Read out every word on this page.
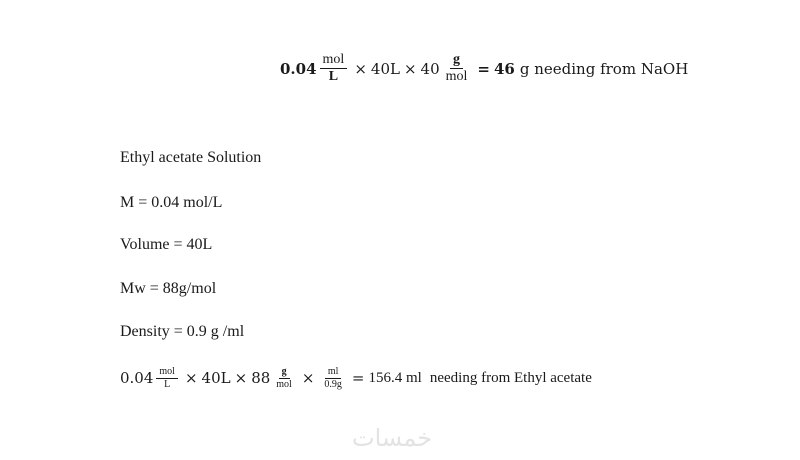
$0.04 \frac{\text{mol}}{L} \times 40L \times 40 \frac{g}{\text{mol}} = 46$ g needing from NaOH
Ethyl acetate Solution
M = 0.04 mol/L
Volume = 40L
Mw = 88g/mol
Density = 0.9 g /ml
$0.04 \frac{\text{mol}}{L} \times 40L \times 88 \frac{g}{\text{mol}} \times \frac{ml}{0.9g} = 156.4$ ml needing from Ethyl acetate
خمسات
